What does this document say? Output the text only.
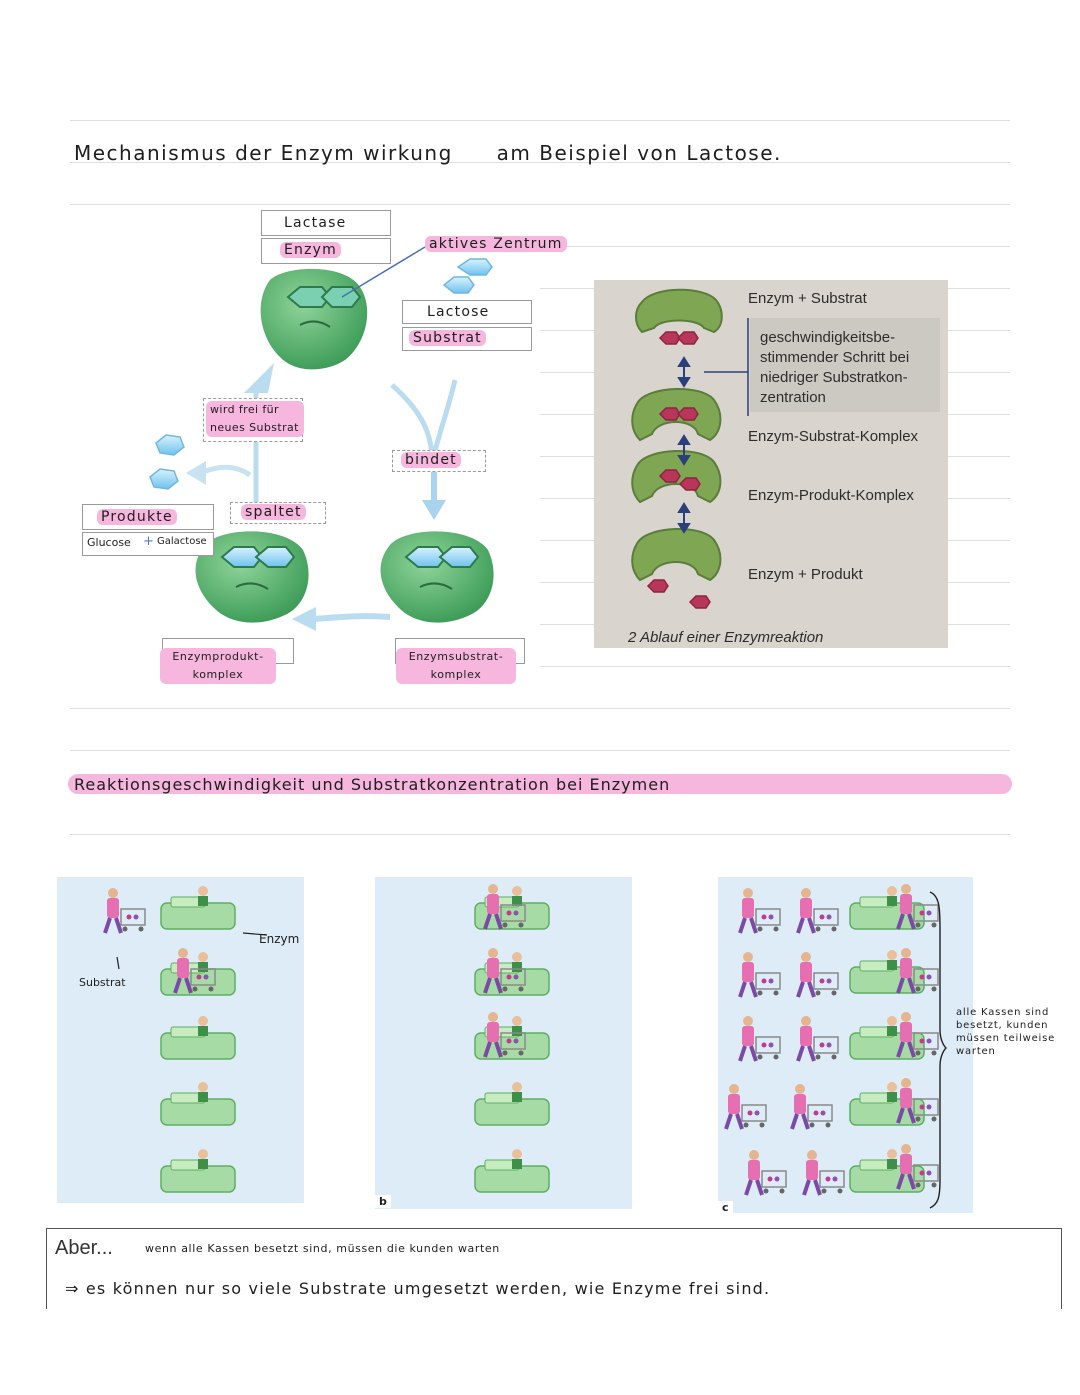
Mechanismus der Enzym wirkung am Beispiel von Lactose.
Lactase
Enzym	aktives Zentrum
Lactose
Substrat
bindet
wird frei für neues Substrat
spaltet
Produkte
Glucose + Galactose
Enzymprodukt-komplex
Enzymsubstrat-komplex
Enzym + Substrat
geschwindigkeitsbe-stimmender Schritt bei niedriger Substratkon-zentration
Enzym-Substrat-Komplex
Enzym-Produkt-Komplex
Enzym + Produkt
2 Ablauf einer Enzymreaktion
Reaktionsgeschwindigkeit und Substratkonzentration bei Enzymen
Enzym
Substrat
b	c
alle Kassen sind besetzt, kunden müssen teilweise warten
Aber...	wenn alle Kassen besetzt sind, müssen die kunden warten
⇒ es können nur so viele Substrate umgesetzt werden, wie Enzyme frei sind.
